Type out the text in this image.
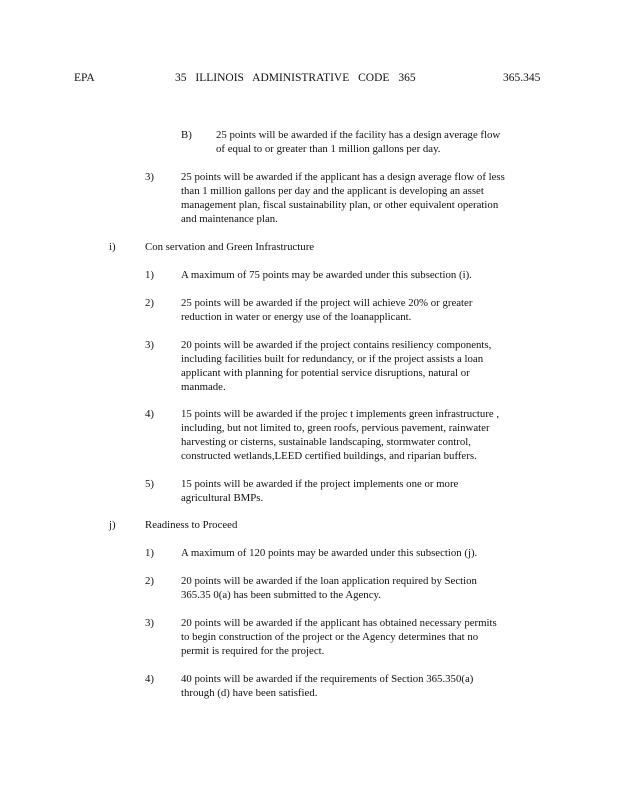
EPA	35 ILLINOIS ADMINISTRATIVE CODE 365	365.345
B) 25 points will be awarded if the facility has a design average flow
of equal to or greater than 1 million gallons per day.
3)	25 points will be awarded if the applicant has a design average flow of less
than 1 million gallons per day and the applicant is developing an asset
management plan, fiscal sustainability plan, or other equivalent operation
and maintenance plan.
i)	Con servation and Green Infrastructure
1)	A maximum of 75 points may be awarded under this subsection (i).
2)	25 points will be awarded if the project will achieve 20% or greater
reduction in water or energy use of the loanapplicant.
3)	20 points will be awarded if the project contains resiliency components,
including facilities built for redundancy, or if the project assists a loan
applicant with planning for potential service disruptions, natural or
manmade.
4)	15 points will be awarded if the projec t implements green infrastructure ,
including, but not limited to, green roofs, pervious pavement, rainwater
harvesting or cisterns, sustainable landscaping, stormwater control,
constructed wetlands,LEED certified buildings, and riparian buffers.
5)	15 points will be awarded if the project implements one or more
agricultural BMPs.
j)	Readiness to Proceed
1)	A maximum of 120 points may be awarded under this subsection (j).
2)	20 points will be awarded if the loan application required by Section
365.35 0(a) has been submitted to the Agency.
3)	20 points will be awarded if the applicant has obtained necessary permits
to begin construction of the project or the Agency determines that no
permit is required for the project.
4)	40 points will be awarded if the requirements of Section 365.350(a)
through (d) have been satisfied.
